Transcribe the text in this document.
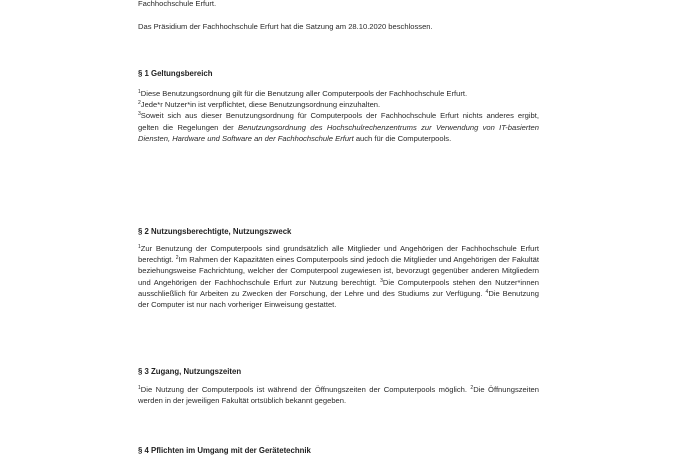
Fachhochschule Erfurt.

Das Präsidium der Fachhochschule Erfurt hat die Satzung am 28.10.2020 beschlossen.

§ 1 Geltungsbereich

$^1$Diese Benutzungsordnung gilt für die Benutzung aller Computerpools der Fachhochschule Erfurt.
$^2$Jede*r Nutzer*in ist verpflichtet, diese Benutzungsordnung einzuhalten.
$^3$Soweit sich aus dieser Benutzungsordnung für Computerpools der Fachhochschule Erfurt nichts anderes ergibt, gelten die Regelungen der Benutzungsordnung des Hochschulrechenzentrums zur Verwendung von IT-basierten Diensten, Hardware und Software an der Fachhochschule Erfurt auch für die Computerpools.

§ 2 Nutzungsberechtigte, Nutzungszweck

$^1$Zur Benutzung der Computerpools sind grundsätzlich alle Mitglieder und Angehörigen der Fachhochschule Erfurt berechtigt. $^2$Im Rahmen der Kapazitäten eines Computerpools sind jedoch die Mitglieder und Angehörigen der Fakultät beziehungsweise Fachrichtung, welcher der Computerpool zugewiesen ist, bevorzugt gegenüber anderen Mitgliedern und Angehörigen der Fachhochschule Erfurt zur Nutzung berechtigt. $^3$Die Computerpools stehen den Nutzer*innen ausschließlich für Arbeiten zu Zwecken der Forschung, der Lehre und des Studiums zur Verfügung. $^4$Die Benutzung der Computer ist nur nach vorheriger Einweisung gestattet.

§ 3 Zugang, Nutzungszeiten

$^1$Die Nutzung der Computerpools ist während der Öffnungszeiten der Computerpools möglich. $^2$Die Öffnungszeiten werden in der jeweiligen Fakultät ortsüblich bekannt gegeben.

§ 4 Pflichten im Umgang mit der Gerätetechnik
